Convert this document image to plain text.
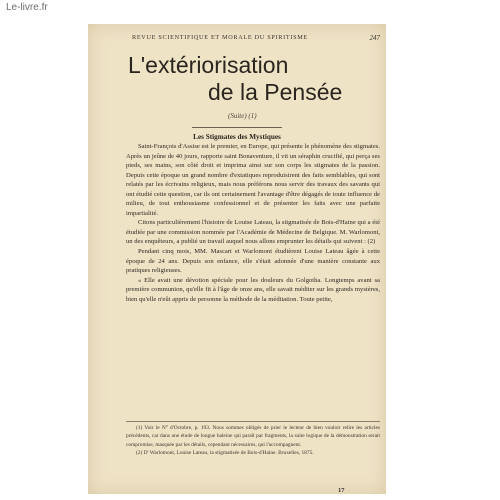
Le-livre.fr
REVUE SCIENTIFIQUE ET MORALE DU SPIRITISME	247
L'extériorisation
de la Pensée
(Suite) (1)
Les Stigmates des Mystiques

Saint-François d'Assise est le premier, en Europe, qui présente le phénomène des stigmates. Après un jeûne de 40 jours, rapporte saint Bonaventure, il vit un séraphin crucifié, qui perça ses pieds, ses mains, son côté droit et imprima ainsi sur son corps les stigmates de la passion. Depuis cette époque un grand nombre d'extatiques reproduisirent des faits semblables, qui sont relatés par les écrivains religieux, mais nous préférons nous servir des travaux des savants qui ont étudié cette question, car ils ont certainement l'avantage d'être dégagés de toute influence de milieu, de tout enthousiasme confessionnel et de présenter les faits avec une parfaite impartialité.

Citons particulièrement l'histoire de Louise Lateau, la stigmatisée de Bois-d'Haine qui a été étudiée par une commission nommée par l'Académie de Médecine de Belgique. M. Warlomont, un des enquêteurs, a publié un travail auquel nous allons emprunter les détails qui suivent : (2)

Pendant cinq mois, MM. Mascart et Warlomont étudièrent Louise Lateau âgée à cette époque de 24 ans. Depuis son enfance, elle s'était adonnée d'une manière constante aux pratiques religieuses.

« Elle avait une dévotion spéciale pour les douleurs du Golgotha. Longtemps avant sa première communion, qu'elle fit à l'âge de onze ans, elle savait méditer sur les grands mystères, bien qu'elle n'eût appris de personne la méthode de la méditation. Toute petite,

(1) Voir le N° d'Octobre, p. 193. Nous sommes obligés de prier le lecteur de bien vouloir relire les articles précédents, car dans une étude de longue haleine qui paraît par fragments, la suite logique de la démonstration serait compromise, masquée par les détails, cependant nécessaires, qui l'accompagnent.

(2) D' Warlomont, Louise Lateau, la stigmatisée de Bois-d'Haine. Bruxelles, 1875.

17
